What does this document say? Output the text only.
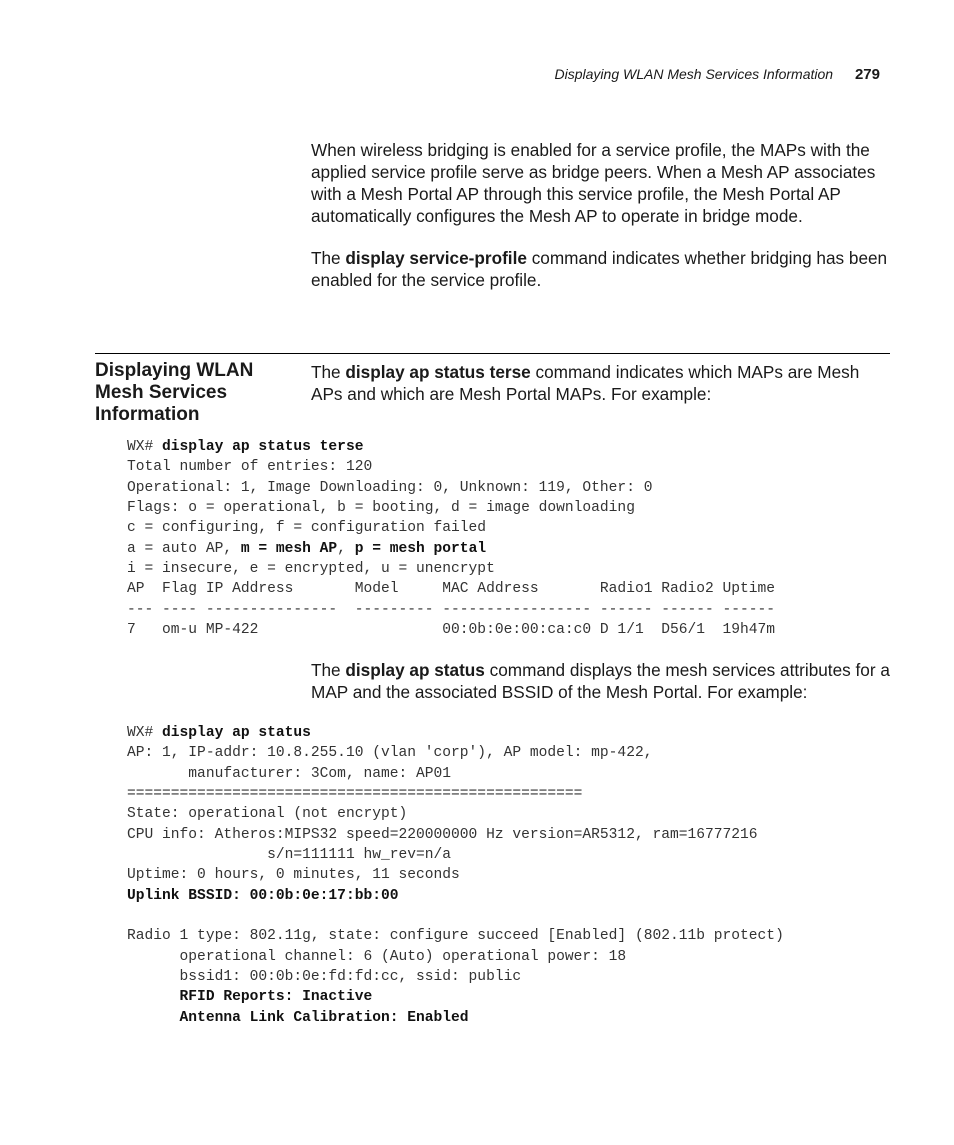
Displaying WLAN Mesh Services Information 279

When wireless bridging is enabled for a service profile, the MAPs with the applied service profile serve as bridge peers. When a Mesh AP associates with a Mesh Portal AP through this service profile, the Mesh Portal AP automatically configures the Mesh AP to operate in bridge mode.

The display service-profile command indicates whether bridging has been enabled for the service profile.

Displaying WLAN Mesh Services Information

The display ap status terse command indicates which MAPs are Mesh APs and which are Mesh Portal MAPs. For example:

WX# display ap status terse
Total number of entries: 120
Operational: 1, Image Downloading: 0, Unknown: 119, Other: 0
Flags: o = operational, b = booting, d = image downloading
c = configuring, f = configuration failed
a = auto AP, m = mesh AP, p = mesh portal
i = insecure, e = encrypted, u = unencrypt
AP  Flag IP Address       Model     MAC Address       Radio1 Radio2 Uptime
--- ---- ---------------  --------- ----------------- ------ ------ ------
7   om-u MP-422                     00:0b:0e:00:ca:c0 D 1/1  D56/1  19h47m

The display ap status command displays the mesh services attributes for a MAP and the associated BSSID of the Mesh Portal. For example:

WX# display ap status
AP: 1, IP-addr: 10.8.255.10 (vlan 'corp'), AP model: mp-422,
manufacturer: 3Com, name: AP01
====================================================
State: operational (not encrypt)
CPU info: Atheros:MIPS32 speed=220000000 Hz version=AR5312, ram=16777216
s/n=111111 hw_rev=n/a
Uptime: 0 hours, 0 minutes, 11 seconds
Uplink BSSID: 00:0b:0e:17:bb:00
Radio 1 type: 802.11g, state: configure succeed [Enabled] (802.11b protect)
operational channel: 6 (Auto) operational power: 18
bssid1: 00:0b:0e:fd:fd:cc, ssid: public
RFID Reports: Inactive
Antenna Link Calibration: Enabled
